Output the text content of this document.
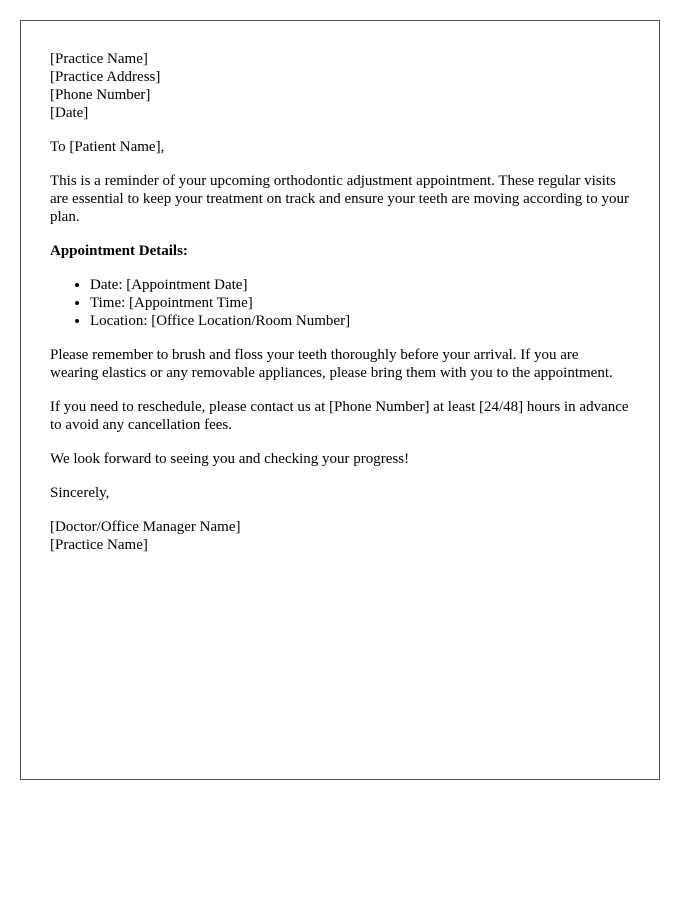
[Practice Name]

[Practice Address]

[Phone Number]

[Date]

To [Patient Name],

This is a reminder of your upcoming orthodontic adjustment appointment. These regular visits are essential to keep your treatment on track and ensure your teeth are moving according to your plan.

Appointment Details:

• Date: [Appointment Date]
• Time: [Appointment Time]
• Location: [Office Location/Room Number]

Please remember to brush and floss your teeth thoroughly before your arrival. If you are wearing elastics or any removable appliances, please bring them with you to the appointment.

If you need to reschedule, please contact us at [Phone Number] at least [24/48] hours in advance to avoid any cancellation fees.

We look forward to seeing you and checking your progress!

Sincerely,

[Doctor/Office Manager Name]

[Practice Name]
